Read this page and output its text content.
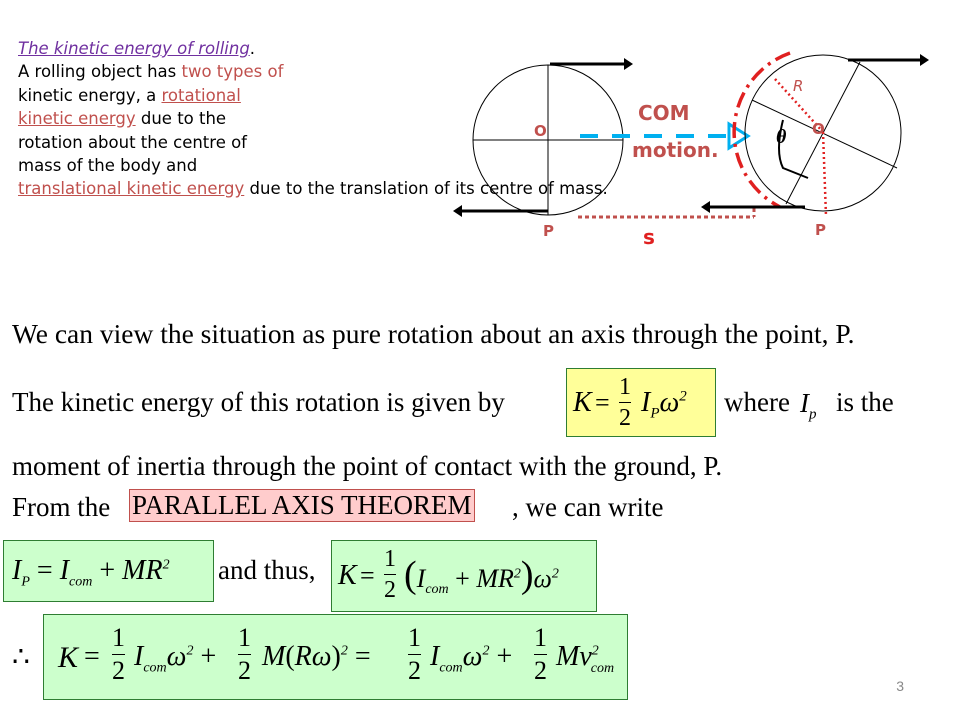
The kinetic energy of rolling.
A rolling object has two types of
kinetic energy, a rotational
kinetic energy due to the
rotation about the centre of
mass of the body and
translational kinetic energy due to the translation of its centre of mass.
O
P
COM
motion.
O
R
θ
P
s
We can view the situation as pure rotation about an axis through the point, P.
The kinetic energy of this rotation is given by $K = \frac{1}{2} I_P\omega^2$ where $I_p$ is the
moment of inertia through the point of contact with the ground, P.
From the PARALLEL AXIS THEOREM , we can write
$I_P = I_{com} + MR^2$ and thus, $K = \frac{1}{2} (I_{com} + MR^2)\omega^2$
∴ $K = \frac{1}{2} I_{com}\omega^2 + \frac{1}{2} M(R\omega)^2 = \frac{1}{2} I_{com}\omega^2 + \frac{1}{2} Mv^2_{com}$
3
